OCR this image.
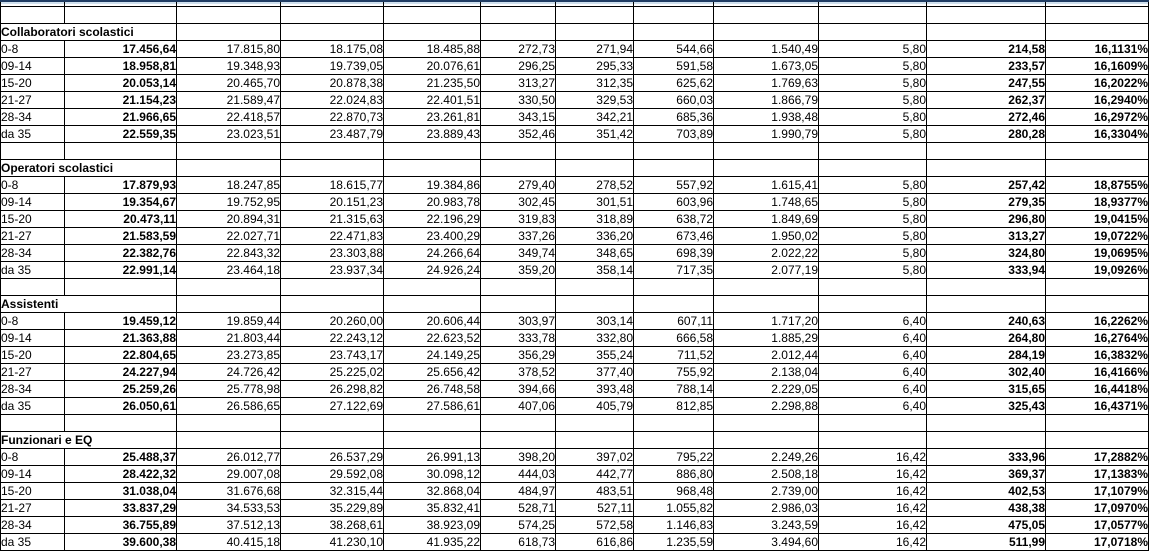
Collaboratori scolastici											
0-8	17.456,64	17.815,80	18.175,08	18.485,88	272,73	271,94	544,66	1.540,49	5,80	214,58	16,1131%
09-14	18.958,81	19.348,93	19.739,05	20.076,61	296,25	295,33	591,58	1.673,05	5,80	233,57	16,1609%
15-20	20.053,14	20.465,70	20.878,38	21.235,50	313,27	312,35	625,62	1.769,63	5,80	247,55	16,2022%
21-27	21.154,23	21.589,47	22.024,83	22.401,51	330,50	329,53	660,03	1.866,79	5,80	262,37	16,2940%
28-34	21.966,65	22.418,57	22.870,73	23.261,81	343,15	342,21	685,36	1.938,48	5,80	272,46	16,2972%
da 35	22.559,35	23.023,51	23.487,79	23.889,43	352,46	351,42	703,89	1.990,79	5,80	280,28	16,3304%

Operatori scolastici											
0-8	17.879,93	18.247,85	18.615,77	19.384,86	279,40	278,52	557,92	1.615,41	5,80	257,42	18,8755%
09-14	19.354,67	19.752,95	20.151,23	20.983,78	302,45	301,51	603,96	1.748,65	5,80	279,35	18,9377%
15-20	20.473,11	20.894,31	21.315,63	22.196,29	319,83	318,89	638,72	1.849,69	5,80	296,80	19,0415%
21-27	21.583,59	22.027,71	22.471,83	23.400,29	337,26	336,20	673,46	1.950,02	5,80	313,27	19,0722%
28-34	22.382,76	22.843,32	23.303,88	24.266,64	349,74	348,65	698,39	2.022,22	5,80	324,80	19,0695%
da 35	22.991,14	23.464,18	23.937,34	24.926,24	359,20	358,14	717,35	2.077,19	5,80	333,94	19,0926%

Assistenti											
0-8	19.459,12	19.859,44	20.260,00	20.606,44	303,97	303,14	607,11	1.717,20	6,40	240,63	16,2262%
09-14	21.363,88	21.803,44	22.243,12	22.623,52	333,78	332,80	666,58	1.885,29	6,40	264,80	16,2764%
15-20	22.804,65	23.273,85	23.743,17	24.149,25	356,29	355,24	711,52	2.012,44	6,40	284,19	16,3832%
21-27	24.227,94	24.726,42	25.225,02	25.656,42	378,52	377,40	755,92	2.138,04	6,40	302,40	16,4166%
28-34	25.259,26	25.778,98	26.298,82	26.748,58	394,66	393,48	788,14	2.229,05	6,40	315,65	16,4418%
da 35	26.050,61	26.586,65	27.122,69	27.586,61	407,06	405,79	812,85	2.298,88	6,40	325,43	16,4371%

Funzionari e EQ											
0-8	25.488,37	26.012,77	26.537,29	26.991,13	398,20	397,02	795,22	2.249,26	16,42	333,96	17,2882%
09-14	28.422,32	29.007,08	29.592,08	30.098,12	444,03	442,77	886,80	2.508,18	16,42	369,37	17,1383%
15-20	31.038,04	31.676,68	32.315,44	32.868,04	484,97	483,51	968,48	2.739,00	16,42	402,53	17,1079%
21-27	33.837,29	34.533,53	35.229,89	35.832,41	528,71	527,11	1.055,82	2.986,03	16,42	438,38	17,0970%
28-34	36.755,89	37.512,13	38.268,61	38.923,09	574,25	572,58	1.146,83	3.243,59	16,42	475,05	17,0577%
da 35	39.600,38	40.415,18	41.230,10	41.935,22	618,73	616,86	1.235,59	3.494,60	16,42	511,99	17,0718%
